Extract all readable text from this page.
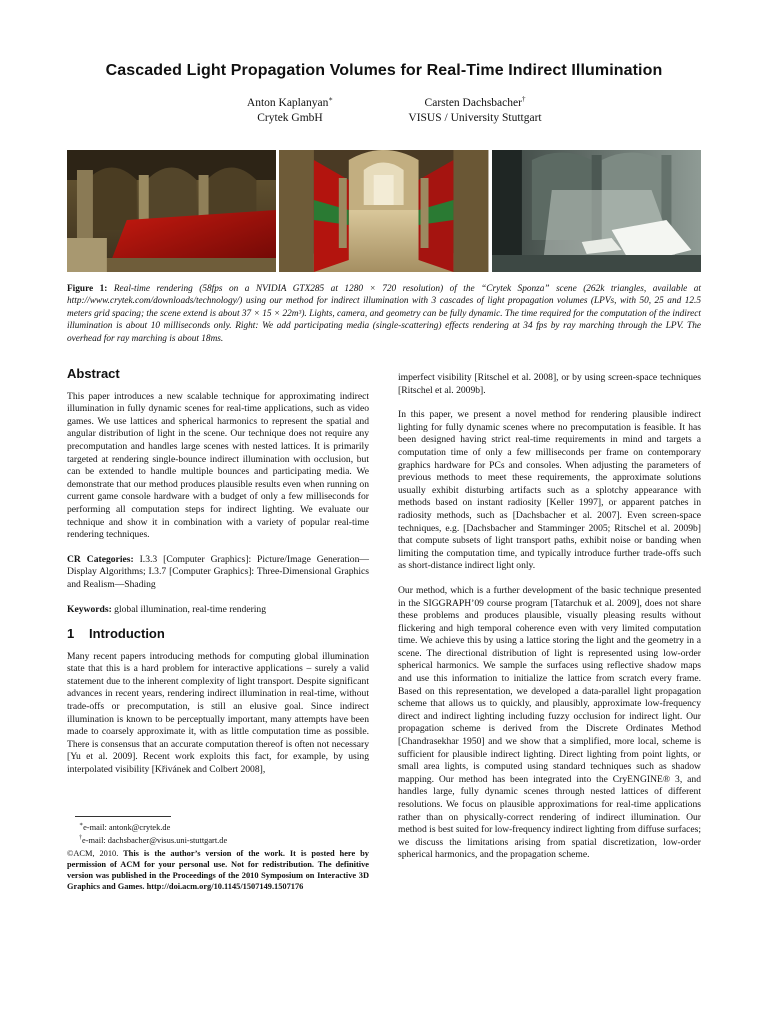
Cascaded Light Propagation Volumes for Real-Time Indirect Illumination
Anton Kaplanyan∗
Crytek GmbH
Carsten Dachsbacher†
VISUS / University Stuttgart
Figure 1: Real-time rendering (58fps on a NVIDIA GTX285 at 1280 × 720 resolution) of the “Crytek Sponza” scene (262k triangles, available at http://www.crytek.com/downloads/technology/) using our method for indirect illumination with 3 cascades of light propagation volumes (LPVs, with 50, 25 and 12.5 meters grid spacing; the scene extend is about 37 × 15 × 22m³). Lights, camera, and geometry can be fully dynamic. The time required for the computation of the indirect illumination is about 10 milliseconds only. Right: We add participating media (single-scattering) effects rendering at 34 fps by ray marching through the LPV. The overhead for ray marching is about 18ms.
Abstract

This paper introduces a new scalable technique for approximating indirect illumination in fully dynamic scenes for real-time applications, such as video games. We use lattices and spherical harmonics to represent the spatial and angular distribution of light in the scene. Our technique does not require any precomputation and handles large scenes with nested lattices. It is primarily targeted at rendering single-bounce indirect illumination with occlusion, but can be extended to handle multiple bounces and participating media. We demonstrate that our method produces plausible results even when running on current game console hardware with a budget of only a few milliseconds for performing all computation steps for indirect lighting. We evaluate our technique and show it in combination with a variety of popular real-time rendering techniques.

CR Categories: I.3.3 [Computer Graphics]: Picture/Image Generation—Display Algorithms; I.3.7 [Computer Graphics]: Three-Dimensional Graphics and Realism—Shading

Keywords: global illumination, real-time rendering

1 Introduction

Many recent papers introducing methods for computing global illumination state that this is a hard problem for interactive applications – surely a valid statement due to the inherent complexity of light transport. Despite significant advances in recent years, rendering indirect illumination in real-time, without trade-offs or precomputation, is still an elusive goal. Since indirect illumination is known to be perceptually important, many attempts have been made to coarsely approximate it, with as little computation time as possible. There is consensus that an accurate computation thereof is often not necessary [Yu et al. 2009]. Recent work exploits this fact, for example, by using interpolated visibility [Křivánek and Colbert 2008],

∗e-mail: antonk@crytek.de
†e-mail: dachsbacher@visus.uni-stuttgart.de
©ACM, 2010. This is the author’s version of the work. It is posted here by permission of ACM for your personal use. Not for redistribution. The definitive version was published in the Proceedings of the 2010 Symposium on Interactive 3D Graphics and Games. http://doi.acm.org/10.1145/1507149.1507176

imperfect visibility [Ritschel et al. 2008], or by using screen-space techniques [Ritschel et al. 2009b].

In this paper, we present a novel method for rendering plausible indirect lighting for fully dynamic scenes where no precomputation is feasible. It has been designed having strict real-time requirements in mind and targets a computation time of only a few milliseconds per frame on contemporary graphics hardware for PCs and consoles. When adjusting the parameters of previous methods to meet these requirements, the approximate solutions usually exhibit disturbing artifacts such as a splotchy appearance with methods based on instant radiosity [Keller 1997], or apparent patches in radiosity methods, such as [Dachsbacher et al. 2007]. Even screen-space techniques, e.g. [Dachsbacher and Stamminger 2005; Ritschel et al. 2009b] that compute subsets of light transport paths, exhibit noise or banding when limiting the computation time, and typically introduce further trade-offs such as short-distance indirect light only.

Our method, which is a further development of the basic technique presented in the SIGGRAPH’09 course program [Tatarchuk et al. 2009], does not share these problems and produces plausible, visually pleasing results without flickering and high temporal coherence even with very limited computation time. We achieve this by using a lattice storing the light and the geometry in a scene. The directional distribution of light is represented using low-order spherical harmonics. We sample the surfaces using reflective shadow maps and use this information to initialize the lattice from scratch every frame. Based on this representation, we developed a data-parallel light propagation scheme that allows us to quickly, and plausibly, approximate low-frequency direct and indirect lighting including fuzzy occlusion for indirect light. Our propagation scheme is derived from the Discrete Ordinates Method [Chandrasekhar 1950] and we show that a simplified, more local, scheme is sufficient for plausible indirect lighting. Direct lighting from point lights, or small area lights, is computed using standard techniques such as shadow mapping. Our method has been integrated into the CryENGINE® 3, and handles large, fully dynamic scenes through nested lattices of different resolutions. We focus on plausible approximations for real-time applications rather than on physically-correct rendering of indirect illumination. Our method is best suited for low-frequency indirect lighting from diffuse surfaces; we discuss the limitations arising from spatial discretization, low-order spherical harmonics, and the propagation scheme.
